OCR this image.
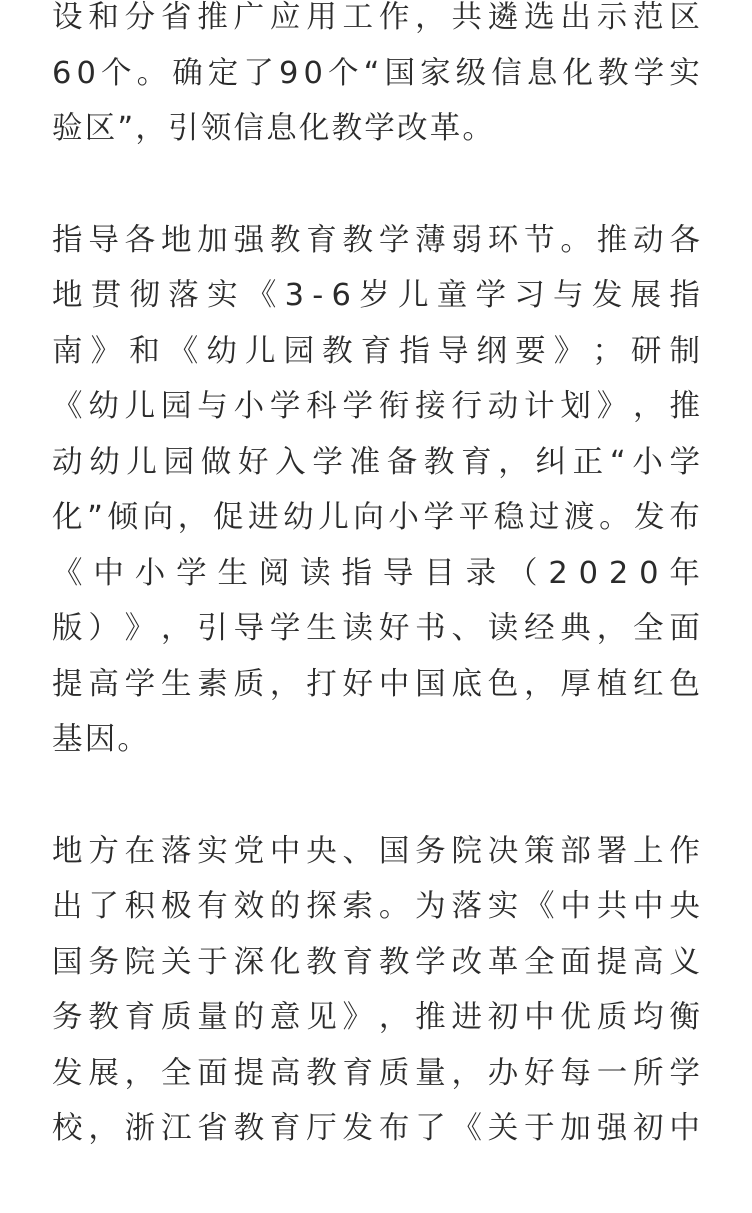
设 和 分 省 推 广 应 用 工 作 ， 共 遴 选 出 示 范 区
6 0 个 。 确 定 了 9 0 个 “ 国 家 级 信 息 化 教 学 实
验区”，引领信息化教学改革。

指 导 各 地 加 强 教 育 教 学 薄 弱 环 节 。 推 动 各
地 贯 彻 落 实 《 3 - 6 岁 儿 童 学 习 与 发 展 指
南 》 和 《 幼 儿 园 教 育 指 导 纲 要 》 ； 研 制
《 幼 儿 园 与 小 学 科 学 衔 接 行 动 计 划 》 ， 推
动 幼 儿 园 做 好 入 学 准 备 教 育 ， 纠 正 “ 小 学
化 ” 倾 向 ， 促 进 幼 儿 向 小 学 平 稳 过 渡 。 发 布
《 中 小 学 生 阅 读 指 导 目 录 （ 2 0 2 0 年
版 ） 》 ， 引 导 学 生 读 好 书 、 读 经 典 ， 全 面
提 高 学 生 素 质 ， 打 好 中 国 底 色 ， 厚 植 红 色
基因。

地 方 在 落 实 党 中 央 、 国 务 院 决 策 部 署 上 作
出 了 积 极 有 效 的 探 索 。 为 落 实 《 中 共 中 央
国 务 院 关 于 深 化 教 育 教 学 改 革 全 面 提 高 义
务 教 育 质 量 的 意 见 》 ， 推 进 初 中 优 质 均 衡
发 展 ， 全 面 提 高 教 育 质 量 ， 办 好 每 一 所 学
校 ， 浙 江 省 教 育 厅 发 布 了 《 关 于 加 强 初 中
